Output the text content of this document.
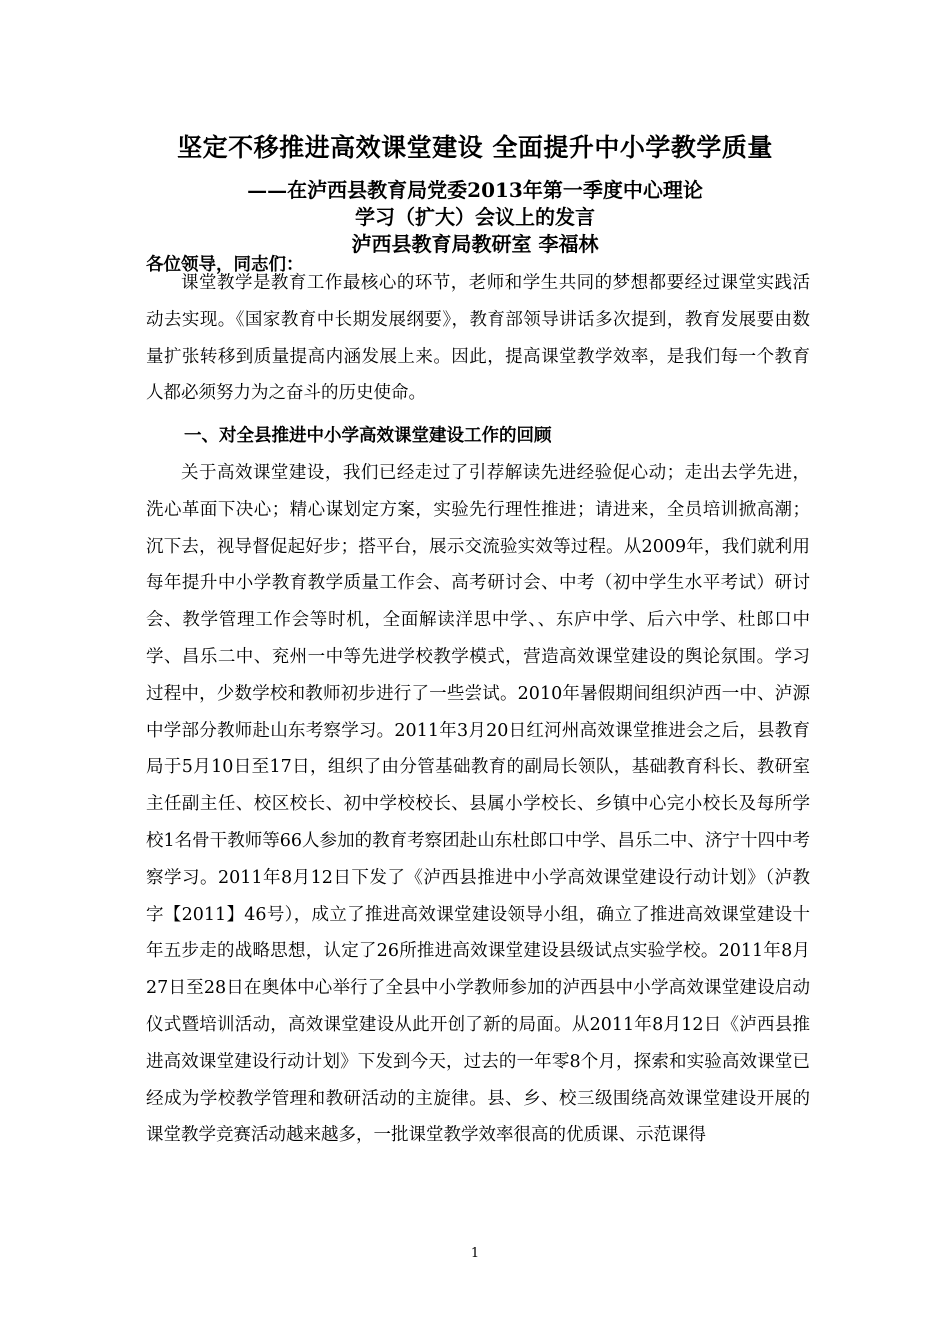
坚定不移推进高效课堂建设 全面提升中小学教学质量
——在泸西县教育局党委2013年第一季度中心理论
学习（扩大）会议上的发言
泸西县教育局教研室 李福林
各位领导，同志们：

课堂教学是教育工作最核心的环节，老师和学生共同的梦想都要经过课堂实践活动去实现。《国家教育中长期发展纲要》，教育部领导讲话多次提到，教育发展要由数量扩张转移到质量提高内涵发展上来。因此，提高课堂教学效率，是我们每一个教育人都必须努力为之奋斗的历史使命。

一、对全县推进中小学高效课堂建设工作的回顾

关于高效课堂建设，我们已经走过了引荐解读先进经验促心动；走出去学先进，洗心革面下决心；精心谋划定方案，实验先行理性推进；请进来，全员培训掀高潮；沉下去，视导督促起好步；搭平台，展示交流验实效等过程。从2009年，我们就利用每年提升中小学教育教学质量工作会、高考研讨会、中考（初中学生水平考试）研讨会、教学管理工作会等时机，全面解读洋思中学、、东庐中学、后六中学、杜郎口中学、昌乐二中、兖州一中等先进学校教学模式，营造高效课堂建设的舆论氛围。学习过程中，少数学校和教师初步进行了一些尝试。2010年暑假期间组织泸西一中、泸源中学部分教师赴山东考察学习。2011年3月20日红河州高效课堂推进会之后，县教育局于5月10日至17日，组织了由分管基础教育的副局长领队，基础教育科长、教研室主任副主任、校区校长、初中学校校长、县属小学校长、乡镇中心完小校长及每所学校1名骨干教师等66人参加的教育考察团赴山东杜郎口中学、昌乐二中、济宁十四中考察学习。2011年8月12日下发了《泸西县推进中小学高效课堂建设行动计划》（泸教字【2011】46号），成立了推进高效课堂建设领导小组，确立了推进高效课堂建设十年五步走的战略思想，认定了26所推进高效课堂建设县级试点实验学校。2011年8月27日至28日在奥体中心举行了全县中小学教师参加的泸西县中小学高效课堂建设启动仪式暨培训活动，高效课堂建设从此开创了新的局面。从2011年8月12日《泸西县推进高效课堂建设行动计划》下发到今天，过去的一年零8个月，探索和实验高效课堂已经成为学校教学管理和教研活动的主旋律。县、乡、校三级围绕高效课堂建设开展的课堂教学竞赛活动越来越多，一批课堂教学效率很高的优质课、示范课得

1
